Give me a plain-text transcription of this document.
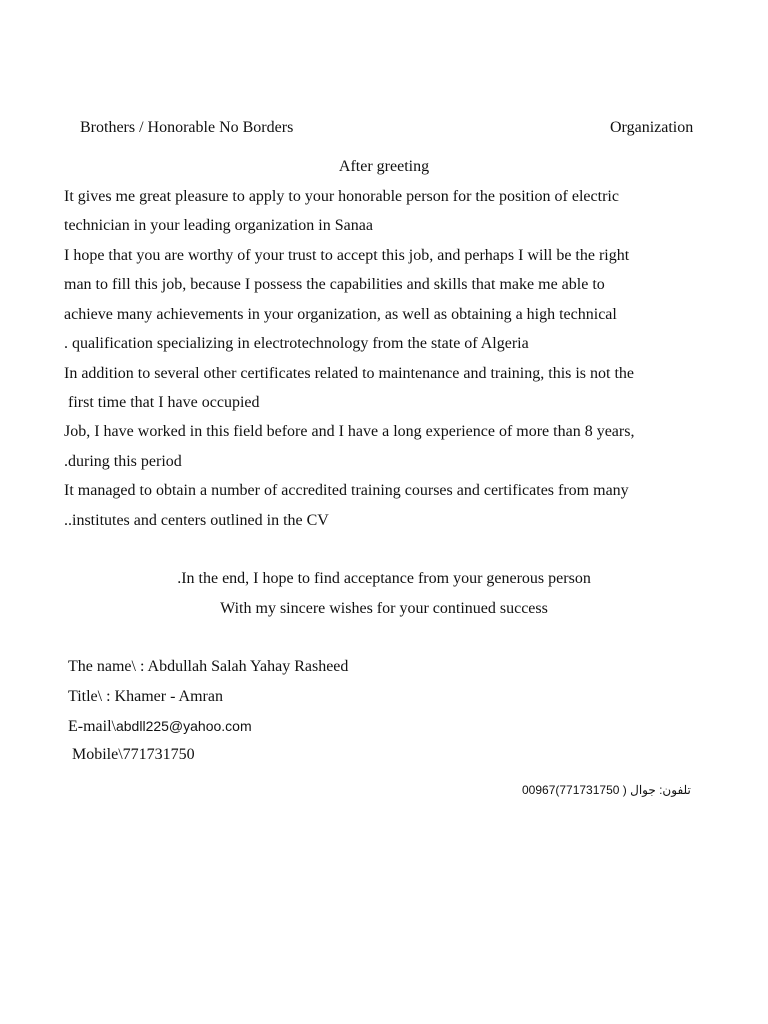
Brothers / Honorable No Borders	Organization
After greeting
It gives me great pleasure to apply to your honorable person for the position of electric
technician in your leading organization in Sanaa
I hope that you are worthy of your trust to accept this job, and perhaps I will be the right
man to fill this job, because I possess the capabilities and skills that make me able to
achieve many achievements in your organization, as well as obtaining a high technical
. qualification specializing in electrotechnology from the state of Algeria
In addition to several other certificates related to maintenance and training, this is not the
first time that I have occupied
Job, I have worked in this field before and I have a long experience of more than 8 years,
.during this period
It managed to obtain a number of accredited training courses and certificates from many
..institutes and centers outlined in the CV
.In the end, I hope to find acceptance from your generous person
With my sincere wishes for your continued success
The name\ : Abdullah Salah Yahay Rasheed
Title\ : Khamer - Amran
E-mail\abdll225@yahoo.com
Mobile\771731750
00967(771731750 ) تلفون: جوال
